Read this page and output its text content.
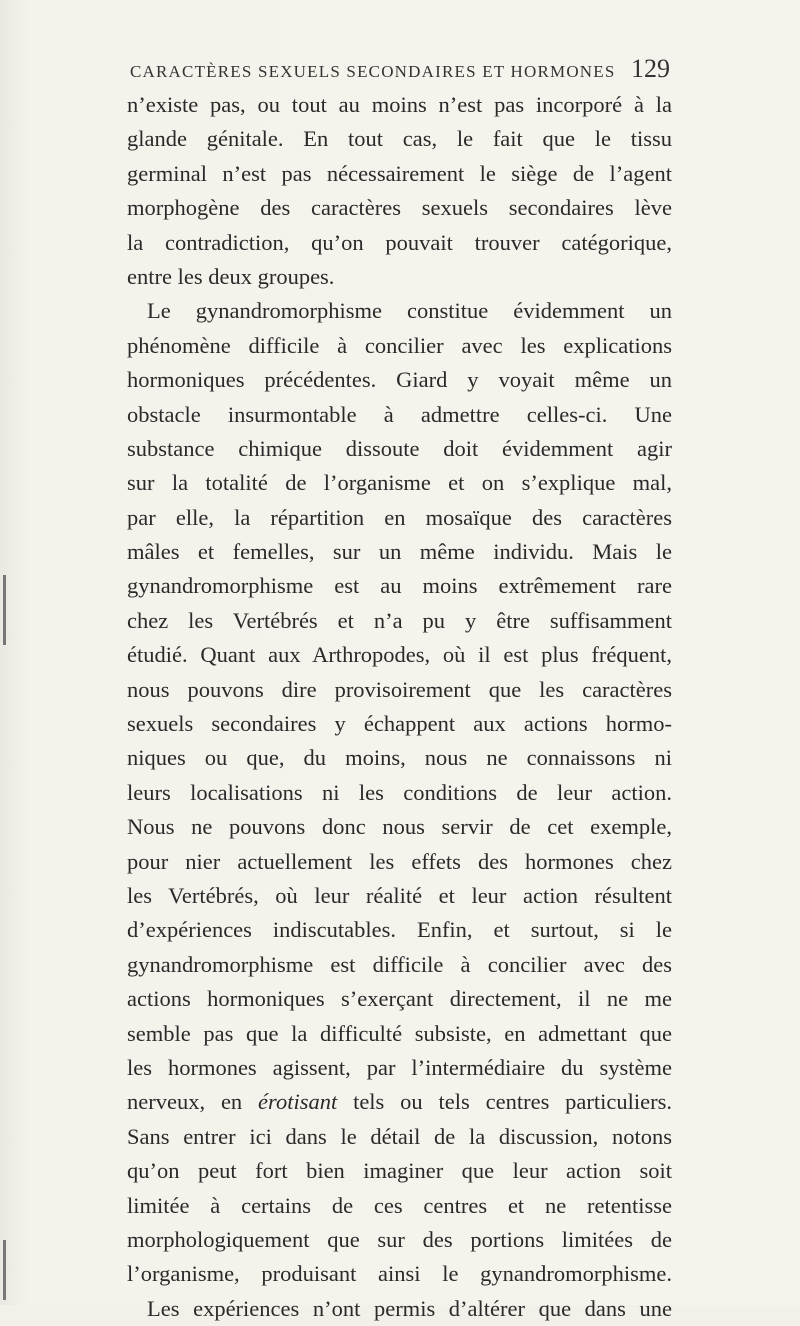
CARACTÈRES SEXUELS SECONDAIRES ET HORMONES 129
n’existe pas, ou tout au moins n’est pas incorporé à la
glande génitale. En tout cas, le fait que le tissu
germinal n’est pas nécessairement le siège de l’agent
morphogène des caractères sexuels secondaires lève
la contradiction, qu’on pouvait trouver catégorique,
entre les deux groupes.
Le gynandromorphisme constitue évidemment un
phénomène difficile à concilier avec les explications
hormoniques précédentes. Giard y voyait même un
obstacle insurmontable à admettre celles-ci. Une
substance chimique dissoute doit évidemment agir
sur la totalité de l’organisme et on s’explique mal,
par elle, la répartition en mosaïque des caractères
mâles et femelles, sur un même individu. Mais le
gynandromorphisme est au moins extrêmement rare
chez les Vertébrés et n’a pu y être suffisamment
étudié. Quant aux Arthropodes, où il est plus fréquent,
nous pouvons dire provisoirement que les caractères
sexuels secondaires y échappent aux actions hormo-
niques ou que, du moins, nous ne connaissons ni
leurs localisations ni les conditions de leur action.
Nous ne pouvons donc nous servir de cet exemple,
pour nier actuellement les effets des hormones chez
les Vertébrés, où leur réalité et leur action résultent
d’expériences indiscutables. Enfin, et surtout, si le
gynandromorphisme est difficile à concilier avec des
actions hormoniques s’exerçant directement, il ne me
semble pas que la difficulté subsiste, en admettant que
les hormones agissent, par l’intermédiaire du système
nerveux, en érotisant tels ou tels centres particuliers.
Sans entrer ici dans le détail de la discussion, notons
qu’on peut fort bien imaginer que leur action soit
limitée à certains de ces centres et ne retentisse
morphologiquement que sur des portions limitées de
l’organisme, produisant ainsi le gynandromorphisme.
Les expériences n’ont permis d’altérer que dans une
